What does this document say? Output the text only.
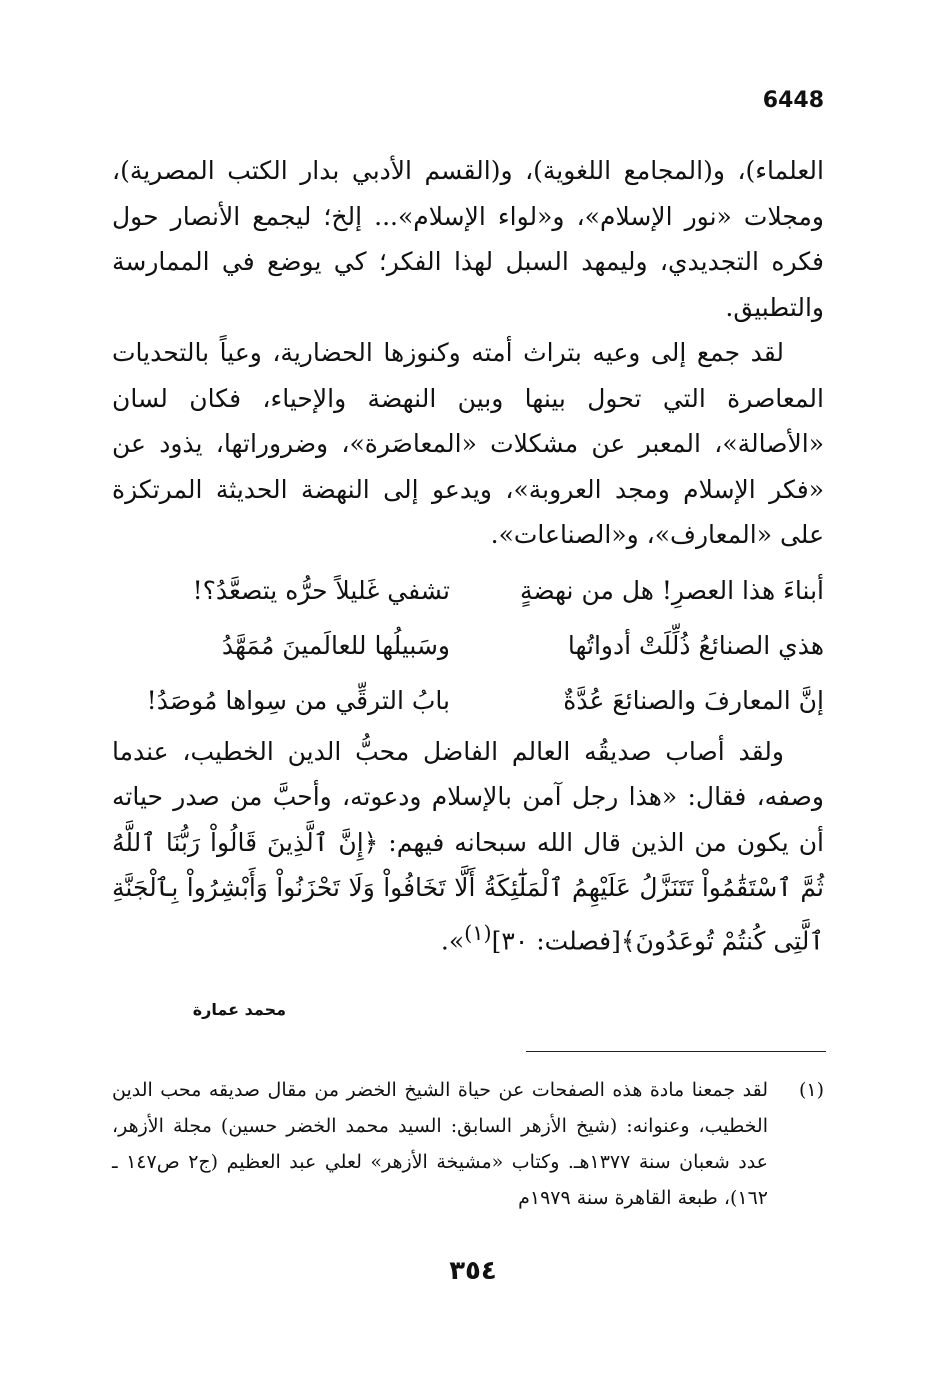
6448

العلماء)، و(المجامع اللغوية)، و(القسم الأدبي بدار الكتب المصرية)، ومجلات «نور الإسلام»، و«لواء الإسلام»... إلخ؛ ليجمع الأنصار حول فكره التجديدي، وليمهد السبل لهذا الفكر؛ كي يوضع في الممارسة والتطبيق.

لقد جمع إلى وعيه بتراث أمته وكنوزها الحضارية، وعياً بالتحديات المعاصرة التي تحول بينها وبين النهضة والإحياء، فكان لسان «الأصالة»، المعبر عن مشكلات «المعاصَرة»، وضروراتها، يذود عن «فكر الإسلام ومجد العروبة»، ويدعو إلى النهضة الحديثة المرتكزة على «المعارف»، و«الصناعات».

أبناءَ هذا العصرِ! هل من نهضةٍ
تشفي غَليلاً حرُّه يتصعَّدُ؟!
هذي الصنائعُ ذُلِّلَتْ أدواتُها
وسَبيلُها للعالَمينَ مُمَهَّدُ
إنَّ المعارفَ والصنائعَ عُدَّةٌ
بابُ الترقِّي من سِواها مُوصَدُ!

ولقد أصاب صديقُه العالم الفاضل محبُّ الدين الخطيب، عندما وصفه، فقال: «هذا رجل آمن بالإسلام ودعوته، وأحبَّ من صدر حياته أن يكون من الذين قال الله سبحانه فيهم: ﴿إِنَّ ٱلَّذِينَ قَالُواْ رَبُّنَا ٱللَّهُ ثُمَّ ٱسْتَقَٰمُواْ تَتَنَزَّلُ عَلَيْهِمُ ٱلْمَلَٰٓئِكَةُ أَلَّا تَخَافُواْ وَلَا تَحْزَنُواْ وَأَبْشِرُواْ بِٱلْجَنَّةِ ٱلَّتِى كُنتُمْ تُوعَدُونَ﴾[فصلت: ٣٠]$^{(١)}$».

محمد عمارة
(١)
لقد جمعنا مادة هذه الصفحات عن حياة الشيخ الخضر من مقال صديقه محب الدين الخطيب، وعنوانه: (شيخ الأزهر السابق: السيد محمد الخضر حسين) مجلة الأزهر، عدد شعبان سنة ١٣٧٧هـ. وكتاب «مشيخة الأزهر» لعلي عبد العظيم (ج٢ ص١٤٧ ـ ١٦٢)، طبعة القاهرة سنة ١٩٧٩م
٣٥٤
